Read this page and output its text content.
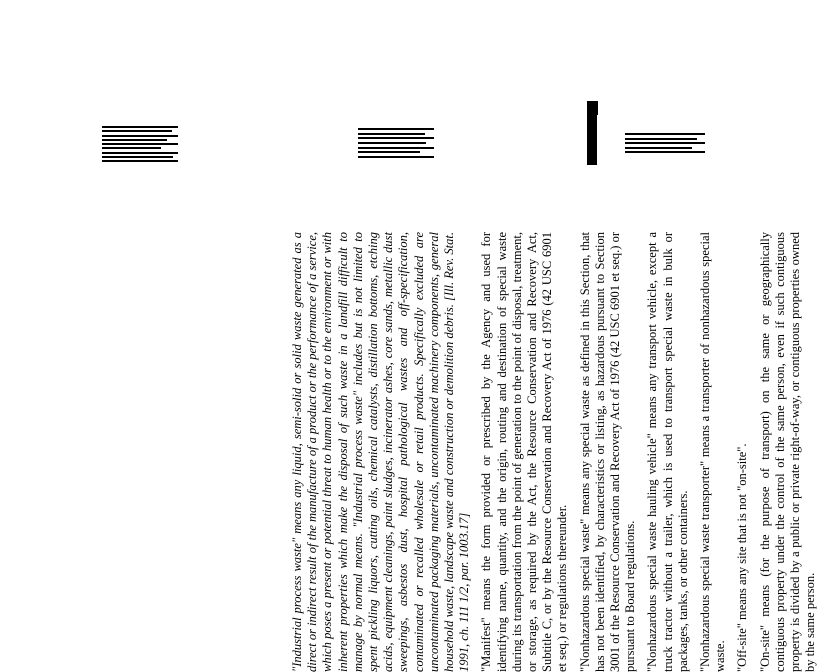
"Industrial process waste" means any liquid, semi-solid or solid waste generated as a direct or indirect result of the manufacture of a product or the performance of a service, which poses a present or potential threat to human health or to the environment or with inherent properties which make the disposal of such waste in a landfill difficult to manage by normal means. "Industrial process waste" includes but is not limited to spent pickling liquors, cutting oils, chemical catalysts, distillation bottoms, etching acids, equipment cleanings, paint sludges, incinerator ashes, core sands, metallic dust sweepings, asbestos dust, hospital pathological wastes and off-specification, contaminated or recalled wholesale or retail products. Specifically excluded are uncontaminated packaging materials, uncontaminated machinery components, general household waste, landscape waste and construction or demolition debris. [Ill. Rev. Stat. 1991, ch. 111 1/2, par. 1003.17] "Manifest" means the form provided or prescribed by the Agency and used for identifying name, quantity, and the origin, routing and destination of special waste during its transportation from the point of generation to the point of disposal, treatment, or storage, as required by the Act, the Resource Conservation and Recovery Act, Subtitle C, or by the Resource Conservation and Recovery Act of 1976 (42 USC 6901 et seq.) or regulations thereunder. "Nonhazardous special waste" means any special waste as defined in this Section, that has not been identified, by characteristics or listing, as hazardous pursuant to Section 3001 of the Resource Conservation and Recovery Act of 1976 (42 USC 6901 et seq.) or pursuant to Board regulations. "Nonhazardous special waste hauling vehicle" means any transport vehicle, except a truck tractor without a trailer, which is used to transport special waste in bulk or packages, tanks, or other containers. "Nonhazardous special waste transporter" means a transporter of nonhazardous special waste. "Off-site" means any site that is not "on-site". "On-site" means (for the purpose of transport) on the same or geographically contiguous property under the control of the same person, even if such contiguous property is divided by a public or private right-of-way, or contiguous properties owned by the same person.
